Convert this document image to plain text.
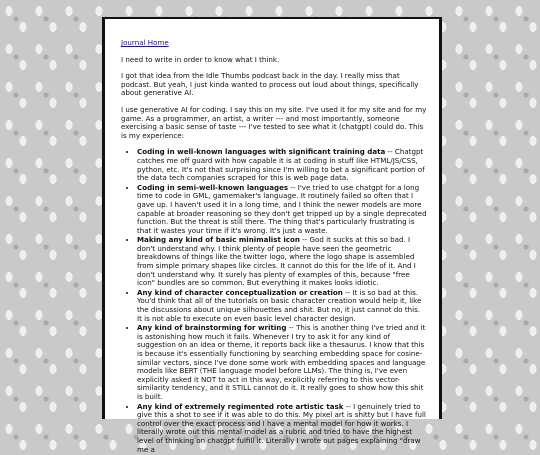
Journal Home

I need to write in order to know what I think.

I got that idea from the Idle Thumbs podcast back in the day. I really miss that podcast. But yeah, I just kinda wanted to process out loud about things, specifically about generative AI.

I use generative AI for coding. I say this on my site. I've used it for my site and for my game. As a programmer, an artist, a writer --- and most importantly, someone exercising a basic sense of taste --- I've tested to see what it (chatgpt) could do. This is my experience:

• Coding in well-known languages with significant training data -- Chatgpt catches me off guard with how capable it is at coding in stuff like HTML/JS/CSS, python, etc. It's not that surprising since I'm willing to bet a significant portion of the data tech companies scraped for this is web page data.
• Coding in semi-well-known languages -- I've tried to use chatgpt for a long time to code in GML, gamemaker's language. It routinely failed so often that I gave up. I haven't used it in a long time, and I think the newer models are more capable at broader reasoning so they don't get tripped up by a single deprecated function. But the threat is still there. The thing that's particularly frustrating is that it wastes your time if it's wrong. It's just a waste.
• Making any kind of basic minimalist icon -- God it sucks at this so bad. I don't understand why. I think plenty of people have seen the geometric breakdowns of things like the twitter logo, where the logo shape is assembled from simple primary shapes like circles. It cannot do this for the life of it. And I don't understand why. It surely has plenty of examples of this, because "free icon" bundles are so common. But everything it makes looks idiotic.
• Any kind of character conceptualization or creation -- It is so bad at this. You'd think that all of the tutorials on basic character creation would help it, like the discussions about unique silhouettes and shit. But no, it just cannot do this. It is not able to execute on even basic level character design.
• Any kind of brainstorming for writing -- This is another thing I've tried and it is astonishing how much it fails. Whenever I try to ask it for any kind of suggestion on an idea or theme, it reports back like a thesaurus. I know that this is because it's essentially functioning by searching embedding space for cosine-similar vectors, since I've done some work with embedding spaces and language models like BERT (THE language model before LLMs). The thing is, I've even explicitly asked it NOT to act in this way, explicitly referring to this vector-similarity tendency, and it STILL cannot do it. It really goes to show how this shit is built.
• Any kind of extremely regimented rote artistic task -- I genuinely tried to give this a shot to see if it was able to do this. My pixel art is shitty but I have full control over the exact process and I have a mental model for how it works. I literally wrote out this mental model as a rubric and tried to have the highest level of thinking on chatgpt fulfill it. Literally I wrote out pages explaining "draw me a
